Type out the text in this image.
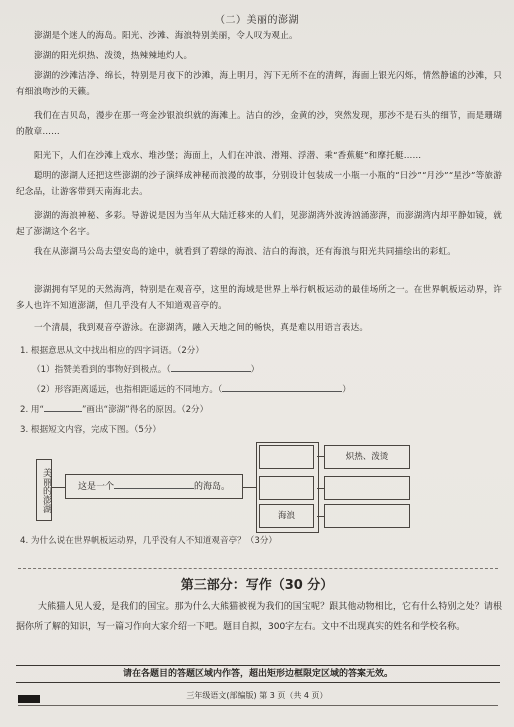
（二）美丽的澎湖
澎湖是个迷人的海岛。阳光、沙滩、海浪特别美丽，令人叹为观止。
澎湖的阳光炽热、泼烫，热辣辣地灼人。
澎湖的沙滩洁净、绵长，特别是月夜下的沙滩，海上明月，泻下无所不在的清辉，海面上银光闪烁，情然静谧的沙滩，只有细浪吻沙的天籁。
我们在吉贝岛，漫步在那一弯金沙银浪织就的海滩上。洁白的沙，金黄的沙，突然发现，那沙不是石头的细节，而是珊瑚的散章……
阳光下，人们在沙滩上戏水、堆沙堡；海面上，人们在冲浪、滑翔、浮潜、乘“香蕉艇”和摩托艇……
聪明的澎湖人还把这些澎湖的沙子演绎成神秘而浪漫的故事，分别设计包装成一小瓶一小瓶的“日沙”“月沙”“星沙”等旅游纪念品，让游客带到天南海北去。
澎湖的海浪神秘、多彩。导游说是因为当年从大陆迁移来的人们，见澎湖湾外波涛汹涌澎湃，而澎湖湾内却平静如镜，就起了澎湖这个名字。
我在从澎湖马公岛去望安岛的途中，就看到了碧绿的海浪、洁白的海浪，还有海浪与阳光共同描绘出的彩虹。
澎湖拥有罕见的天然海湾，特别是在观音亭，这里的海域是世界上举行帆板运动的最佳场所之一。在世界帆板运动界，许多人也许不知道澎湖，但几乎没有人不知道观音亭的。
一个清晨，我到观音亭游泳。在澎湖湾，融入天地之间的畅快，真是难以用语言表达。
1. 根据意思从文中找出相应的四字词语。（2分）
（1）指赞美看到的事物好到极点。（	）
（2）形容距离遥远，也指相距遥远的不同地方。（	）
2. 用“	”画出“澎湖”得名的原因。（2分）
3. 根据短文内容，完成下图。（5分）
美丽的澎湖	这是一个	的海岛。
海浪
炽热、泼烫
4. 为什么说在世界帆板运动界，几乎没有人不知道观音亭？（3分）
第三部分：写作（30 分）
大熊猫人见人爱，是我们的国宝。那为什么大熊猫被视为我们的国宝呢？跟其他动物相比，它有什么特别之处？请根据你所了解的知识，写一篇习作向大家介绍一下吧。题目自拟，300字左右。文中不出现真实的姓名和学校名称。
请在各题目的答题区域内作答，超出矩形边框限定区域的答案无效。
三年级语文(部编版) 第 3 页（共 4 页）
